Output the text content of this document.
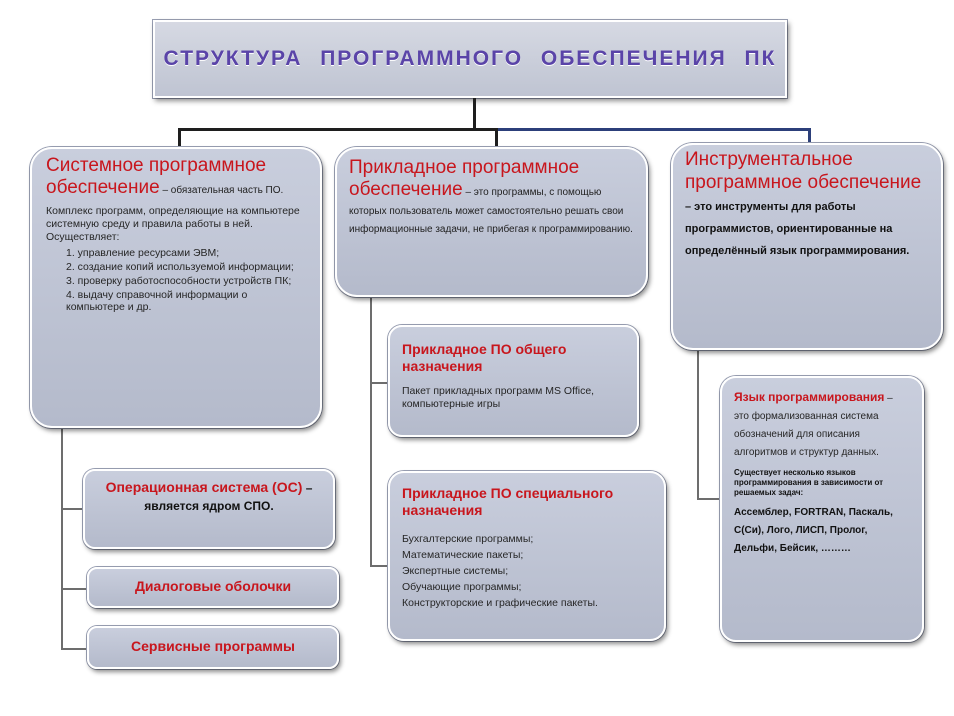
СТРУКТУРА ПРОГРАММНОГО ОБЕСПЕЧЕНИЯ ПК
Системное программное обеспечение – обязательная часть ПО.
Комплекс программ, определяющие на компьютере системную среду и правила работы в ней. Осуществляет:
1. управление ресурсами ЭВМ;
2. создание копий используемой информации;
3. проверку работоспособности устройств ПК;
4. выдачу справочной информации о компьютере и др.
Операционная система (ОС) – является ядром СПО.
Диалоговые оболочки
Сервисные программы
Прикладное программное обеспечение – это программы, с помощью которых пользователь может самостоятельно решать свои информационные задачи, не прибегая к программированию.
Прикладное ПО общего назначения
Пакет прикладных программ MS Office, компьютерные игры
Прикладное ПО специального назначения
Бухгалтерские программы;
Математические пакеты;
Экспертные системы;
Обучающие программы;
Конструкторские и графические пакеты.
Инструментальное программное обеспечение – это инструменты для работы программистов, ориентированные на определённый язык программирования.
Язык программирования – это формализованная система обозначений для описания алгоритмов и структур данных.
Существует несколько языков программирования в зависимости от решаемых задач:
Ассемблер, FORTRAN, Паскаль, С(Си), Лого, ЛИСП, Пролог, Дельфи, Бейсик, ………
